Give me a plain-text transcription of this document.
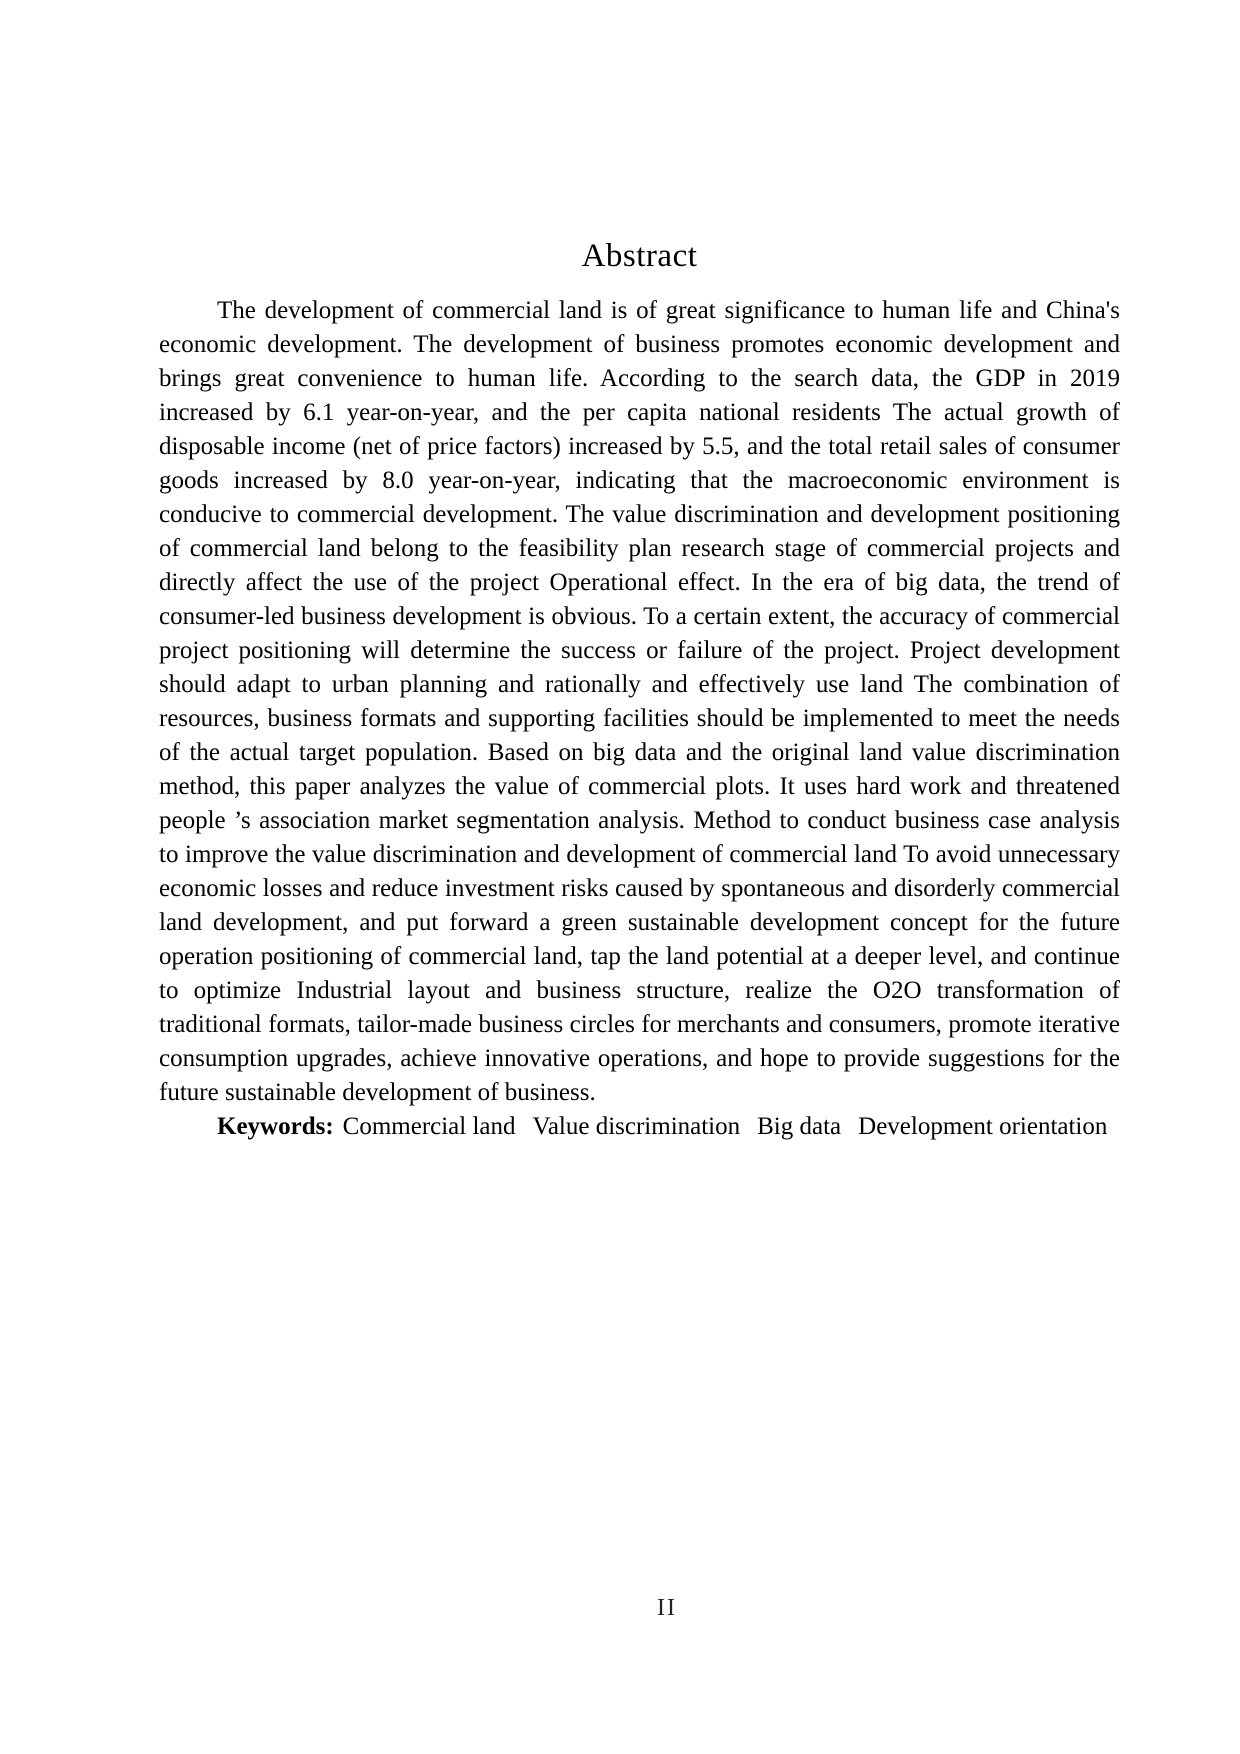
Abstract

The development of commercial land is of great significance to human life and China's economic development. The development of business promotes economic development and brings great convenience to human life. According to the search data, the GDP in 2019 increased by 6.1 year-on-year, and the per capita national residents The actual growth of disposable income (net of price factors) increased by 5.5, and the total retail sales of consumer goods increased by 8.0 year-on-year, indicating that the macroeconomic environment is conducive to commercial development. The value discrimination and development positioning of commercial land belong to the feasibility plan research stage of commercial projects and directly affect the use of the project Operational effect. In the era of big data, the trend of consumer-led business development is obvious. To a certain extent, the accuracy of commercial project positioning will determine the success or failure of the project. Project development should adapt to urban planning and rationally and effectively use land The combination of resources, business formats and supporting facilities should be implemented to meet the needs of the actual target population. Based on big data and the original land value discrimination method, this paper analyzes the value of commercial plots. It uses hard work and threatened people ’s association market segmentation analysis. Method to conduct business case analysis to improve the value discrimination and development of commercial land To avoid unnecessary economic losses and reduce investment risks caused by spontaneous and disorderly commercial land development, and put forward a green sustainable development concept for the future operation positioning of commercial land, tap the land potential at a deeper level, and continue to optimize Industrial layout and business structure, realize the O2O transformation of traditional formats, tailor-made business circles for merchants and consumers, promote iterative consumption upgrades, achieve innovative operations, and hope to provide suggestions for the future sustainable development of business.

Keywords: Commercial land Value discrimination Big data Development orientation

II
